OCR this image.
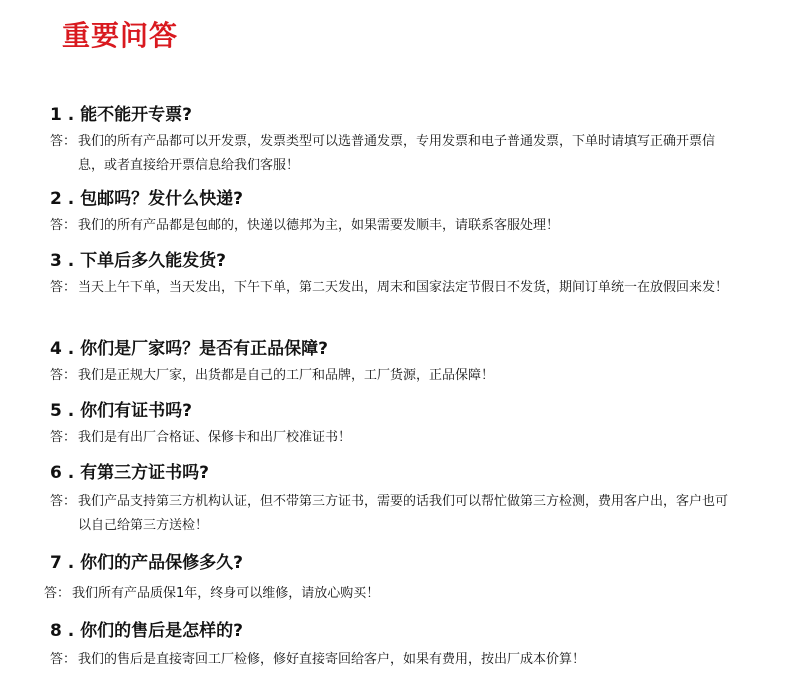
重要问答

1 . 能不能开专票?

答： 我们的所有产品都可以开发票，发票类型可以选普通发票，专用发票和电子普通发票，下单时请填写正确开票信息，或者直接给开票信息给我们客服！

2 . 包邮吗？发什么快递?

答： 我们的所有产品都是包邮的，快递以德邦为主，如果需要发顺丰，请联系客服处理！

3 . 下单后多久能发货?

答： 当天上午下单，当天发出，下午下单，第二天发出，周末和国家法定节假日不发货，期间订单统一在放假回来发！

4 . 你们是厂家吗？是否有正品保障?

答： 我们是正规大厂家，出货都是自己的工厂和品牌，工厂货源，正品保障！

5 . 你们有证书吗?

答： 我们是有出厂合格证、保修卡和出厂校准证书！

6 . 有第三方证书吗?

答： 我们产品支持第三方机构认证，但不带第三方证书，需要的话我们可以帮忙做第三方检测，费用客户出，客户也可以自己给第三方送检！

7 . 你们的产品保修多久?

答： 我们所有产品质保1年，终身可以维修，请放心购买！

8 . 你们的售后是怎样的?

答： 我们的售后是直接寄回工厂检修，修好直接寄回给客户，如果有费用，按出厂成本价算！
